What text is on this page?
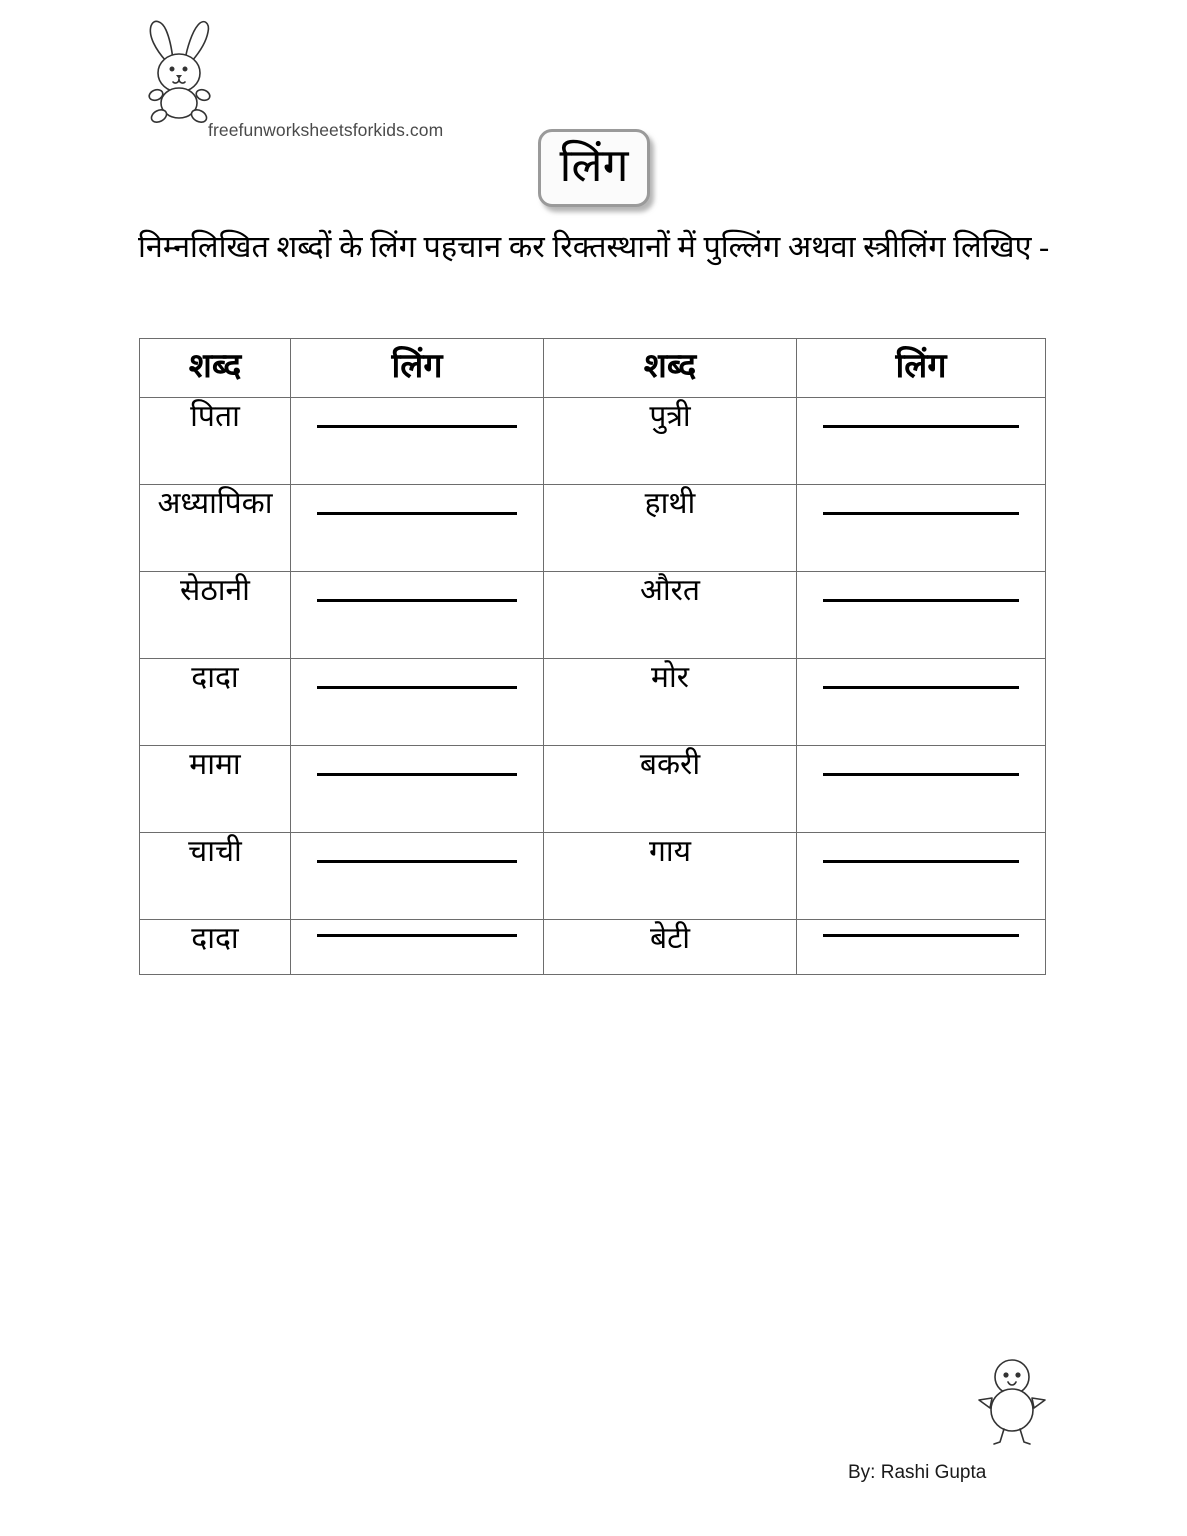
freefunworksheetsforkids.com
लिंग
निम्नलिखित शब्दों के लिंग पहचान कर रिक्तस्थानों में पुल्लिंग अथवा स्त्रीलिंग लिखिए -
शब्द	लिंग	शब्द	लिंग
पिता		पुत्री	

अध्यापिका		हाथी	

सेठानी		औरत	

दादा		मोर	

मामा		बकरी	

चाची		गाय	

दादा		बेटी	
By: Rashi Gupta
